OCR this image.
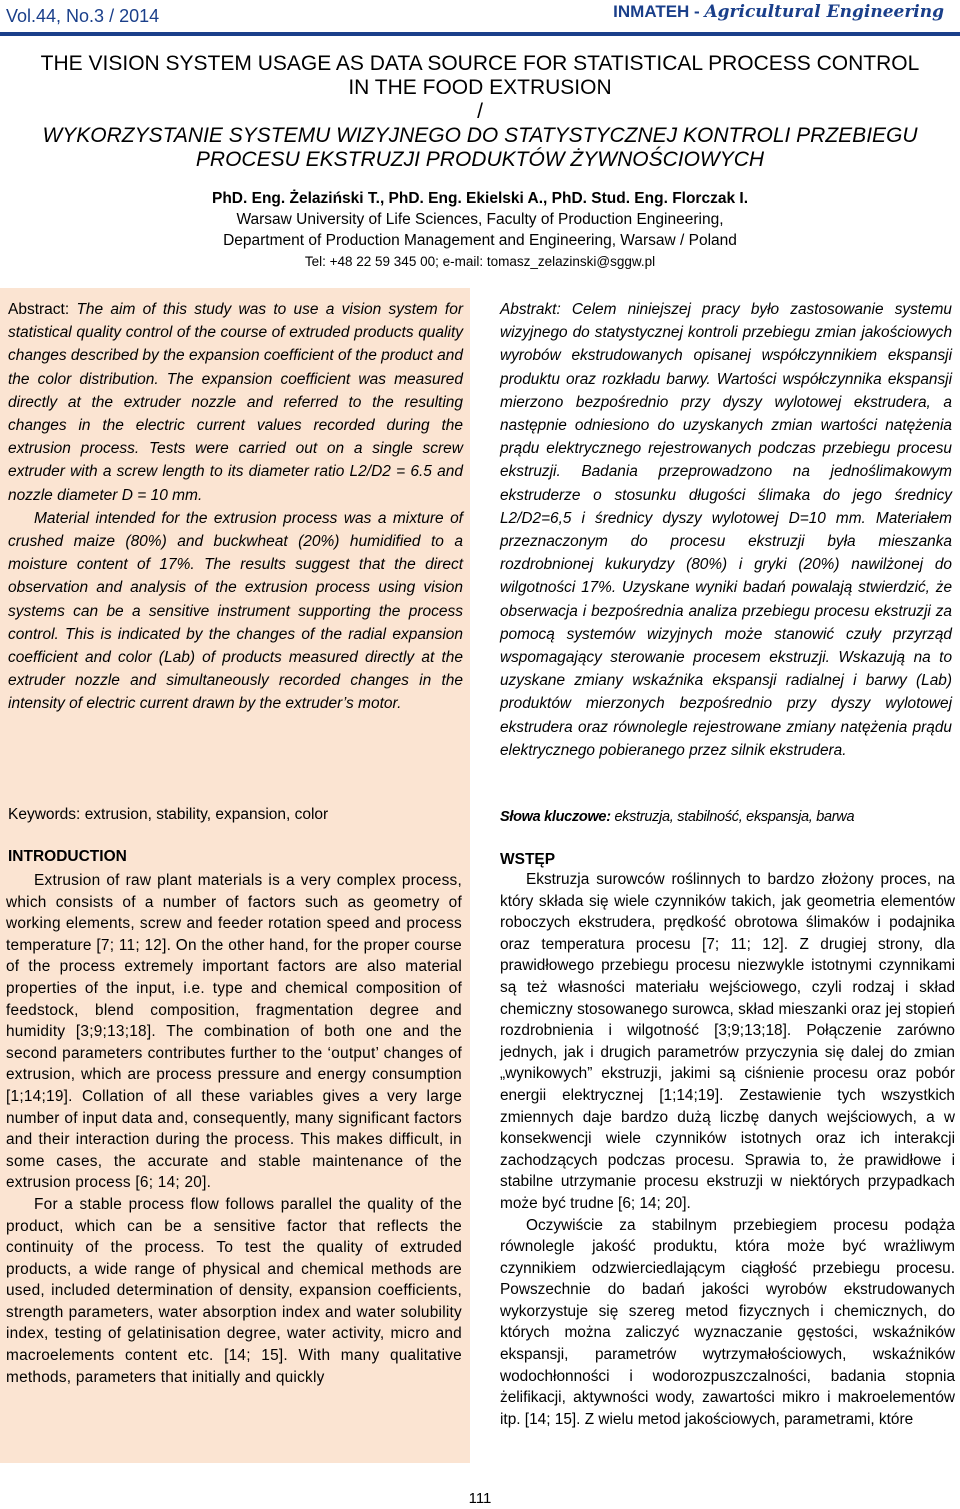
Vol.44, No.3 / 2014	INMATEH - Agricultural Engineering
THE VISION SYSTEM USAGE AS DATA SOURCE FOR STATISTICAL PROCESS CONTROL
IN THE FOOD EXTRUSION
/
WYKORZYSTANIE SYSTEMU WIZYJNEGO DO STATYSTYCZNEJ KONTROLI PRZEBIEGU
PROCESU EKSTRUZJI PRODUKTÓW ŻYWNOŚCIOWYCH
PhD. Eng. Żelaziński T., PhD. Eng. Ekielski A., PhD. Stud. Eng. Florczak I.
Warsaw University of Life Sciences, Faculty of Production Engineering,
Department of Production Management and Engineering, Warsaw / Poland
Tel: +48 22 59 345 00; e-mail: tomasz_zelazinski@sggw.pl

Abstract: The aim of this study was to use a vision system for statistical quality control of the course of extruded products quality changes described by the expansion coefficient of the product and the color distribution. The expansion coefficient was measured directly at the extruder nozzle and referred to the resulting changes in the electric current values recorded during the extrusion process. Tests were carried out on a single screw extruder with a screw length to its diameter ratio L2/D2 = 6.5 and nozzle diameter D = 10 mm.

Material intended for the extrusion process was a mixture of crushed maize (80%) and buckwheat (20%) humidified to a moisture content of 17%. The results suggest that the direct observation and analysis of the extrusion process using vision systems can be a sensitive instrument supporting the process control. This is indicated by the changes of the radial expansion coefficient and color (Lab) of products measured directly at the extruder nozzle and simultaneously recorded changes in the intensity of electric current drawn by the extruder’s motor.

Keywords: extrusion, stability, expansion, color
INTRODUCTION

Extrusion of raw plant materials is a very complex process, which consists of a number of factors such as geometry of working elements, screw and feeder rotation speed and process temperature [7; 11; 12]. On the other hand, for the proper course of the process extremely important factors are also material properties of the input, i.e. type and chemical composition of feedstock, blend composition, fragmentation degree and humidity [3;9;13;18]. The combination of both one and the second parameters contributes further to the ‘output’ changes of extrusion, which are process pressure and energy consumption [1;14;19]. Collation of all these variables gives a very large number of input data and, consequently, many significant factors and their interaction during the process. This makes difficult, in some cases, the accurate and stable maintenance of the extrusion process [6; 14; 20].

For a stable process flow follows parallel the quality of the product, which can be a sensitive factor that reflects the continuity of the process. To test the quality of extruded products, a wide range of physical and chemical methods are used, included determination of density, expansion coefficients, strength parameters, water absorption index and water solubility index, testing of gelatinisation degree, water activity, micro and macroelements content etc. [14; 15]. With many qualitative methods, parameters that initially and quickly

Abstrakt: Celem niniejszej pracy było zastosowanie systemu wizyjnego do statystycznej kontroli przebiegu zmian jakościowych wyrobów ekstrudowanych opisanej współczynnikiem ekspansji produktu oraz rozkładu barwy. Wartości współczynnika ekspansji mierzono bezpośrednio przy dyszy wylotowej ekstrudera, a następnie odniesiono do uzyskanych zmian wartości natężenia prądu elektrycznego rejestrowanych podczas przebiegu procesu ekstruzji. Badania przeprowadzono na jednoślimakowym ekstruderze o stosunku długości ślimaka do jego średnicy L2/D2=6,5 i średnicy dyszy wylotowej D=10 mm. Materiałem przeznaczonym do procesu ekstruzji była mieszanka rozdrobnionej kukurydzy (80%) i gryki (20%) nawilżonej do wilgotności 17%. Uzyskane wyniki badań powalają stwierdzić, że obserwacja i bezpośrednia analiza przebiegu procesu ekstruzji za pomocą systemów wizyjnych może stanowić czuły przyrząd wspomagający sterowanie procesem ekstruzji. Wskazują na to uzyskane zmiany wskaźnika ekspansji radialnej i barwy (Lab) produktów mierzonych bezpośrednio przy dyszy wylotowej ekstrudera oraz równolegle rejestrowane zmiany natężenia prądu elektrycznego pobieranego przez silnik ekstrudera.

Słowa kluczowe: ekstruzja, stabilność, ekspansja, barwa
WSTĘP

Ekstruzja surowców roślinnych to bardzo złożony proces, na który składa się wiele czynników takich, jak geometria elementów roboczych ekstrudera, prędkość obrotowa ślimaków i podajnika oraz temperatura procesu [7; 11; 12]. Z drugiej strony, dla prawidłowego przebiegu procesu niezwykle istotnymi czynnikami są też własności materiału wejściowego, czyli rodzaj i skład chemiczny stosowanego surowca, skład mieszanki oraz jej stopień rozdrobnienia i wilgotność [3;9;13;18]. Połączenie zarówno jednych, jak i drugich parametrów przyczynia się dalej do zmian „wynikowych” ekstruzji, jakimi są ciśnienie procesu oraz pobór energii elektrycznej [1;14;19]. Zestawienie tych wszystkich zmiennych daje bardzo dużą liczbę danych wejściowych, a w konsekwencji wiele czynników istotnych oraz ich interakcji zachodzących podczas procesu. Sprawia to, że prawidłowe i stabilne utrzymanie procesu ekstruzji w niektórych przypadkach może być trudne [6; 14; 20].

Oczywiście za stabilnym przebiegiem procesu podąża równolegle jakość produktu, która może być wrażliwym czynnikiem odzwierciedlającym ciągłość przebiegu procesu. Powszechnie do badań jakości wyrobów ekstrudowanych wykorzystuje się szereg metod fizycznych i chemicznych, do których można zaliczyć wyznaczanie gęstości, wskaźników ekspansji, parametrów wytrzymałościowych, wskaźników wodochłonności i wodorozpuszczalności, badania stopnia żelifikacji, aktywności wody, zawartości mikro i makroelementów itp. [14; 15]. Z wielu metod jakościowych, parametrami, które

111
